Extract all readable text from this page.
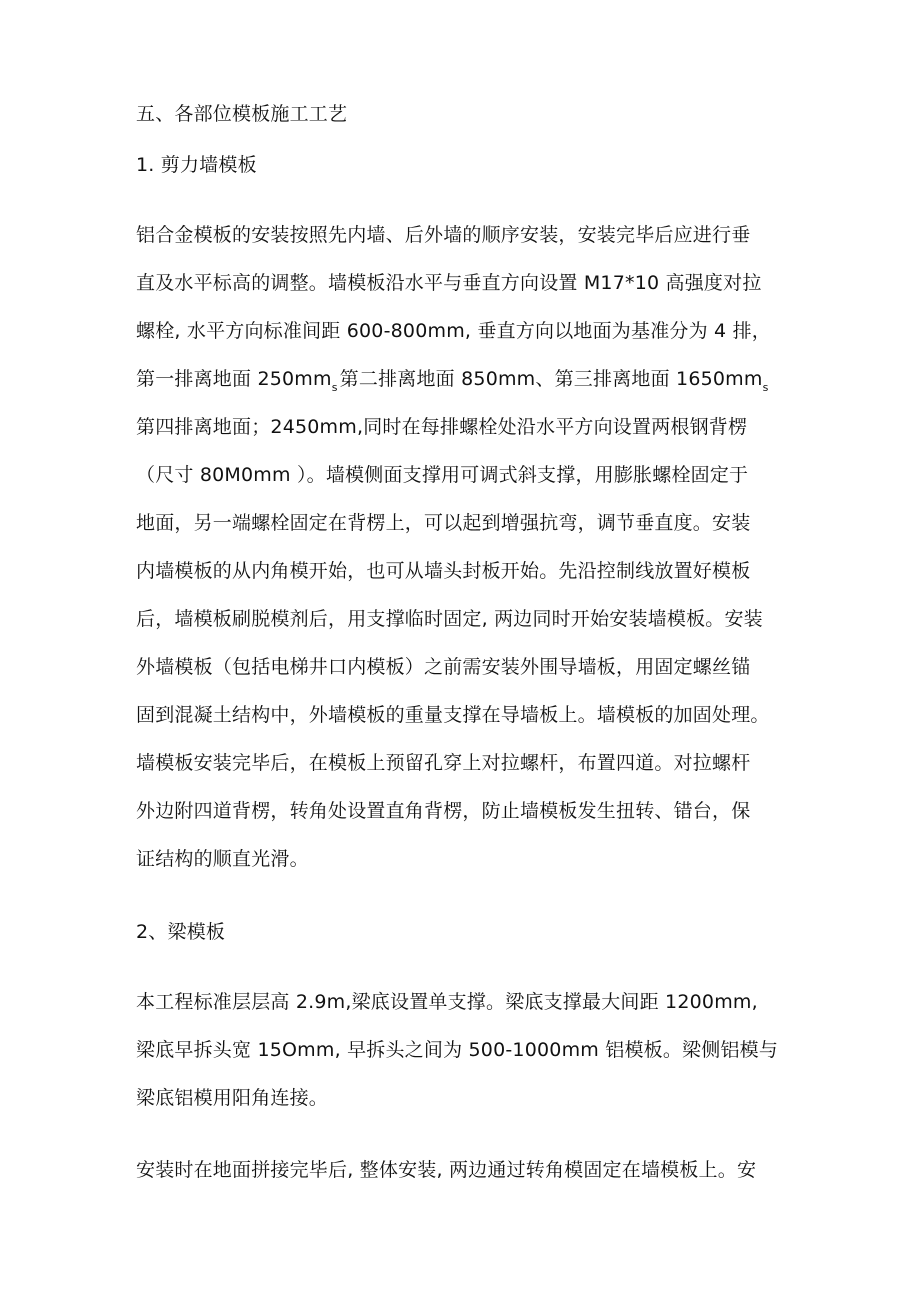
五、各部位模板施工工艺
1. 剪力墙模板
铝合金模板的安装按照先内墙、后外墙的顺序安装，安装完毕后应进行垂
直及水平标高的调整。墙模板沿水平与垂直方向设置 M17*10 高强度对拉
螺栓, 水平方向标准间距 600-800mm, 垂直方向以地面为基准分为 4 排，
第一排离地面 $250mm_s$ 第二排离地面 850mm、第三排离地面 $1650mm_s$
第四排离地面；2450mm,同时在每排螺栓处沿水平方向设置两根钢背楞
（尺寸 80M0mm ）。墙模侧面支撑用可调式斜支撑，用膨胀螺栓固定于
地面，另一端螺栓固定在背楞上，可以起到增强抗弯，调节垂直度。安装
内墙模板的从内角模开始，也可从墙头封板开始。先沿控制线放置好模板
后，墙模板刷脱模剂后，用支撑临时固定, 两边同时开始安装墙模板。安装
外墙模板（包括电梯井口内模板）之前需安装外围导墙板，用固定螺丝锚
固到混凝土结构中，外墙模板的重量支撑在导墙板上。墙模板的加固处理。
墙模板安装完毕后，在模板上预留孔穿上对拉螺杆，布置四道。对拉螺杆
外边附四道背楞，转角处设置直角背楞，防止墙模板发生扭转、错台，保
证结构的顺直光滑。
2、梁模板
本工程标准层层高 2.9m,梁底设置单支撑。梁底支撑最大间距 1200mm,
梁底早拆头宽 15Omm, 早拆头之间为 500-1000mm 铝模板。梁侧铝模与
梁底铝模用阳角连接。
安装时在地面拼接完毕后, 整体安装, 两边通过转角模固定在墙模板上。安
